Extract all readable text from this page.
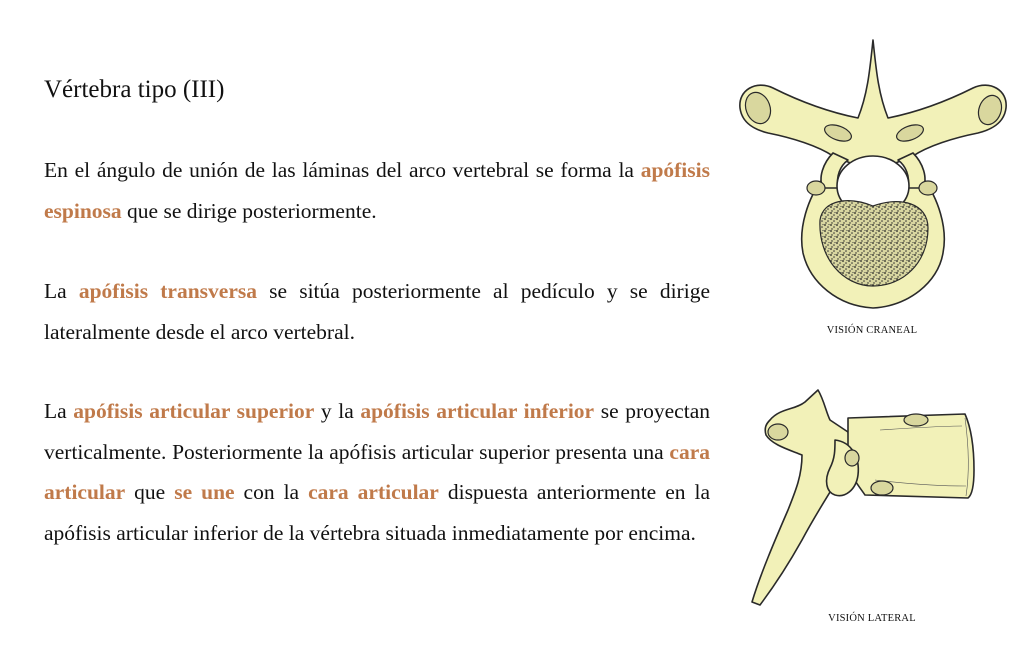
Vértebra tipo (III)

En el ángulo de unión de las láminas del arco vertebral se forma la apófisis espinosa que se dirige posteriormente.

La apófisis transversa se sitúa posteriormente al pedículo y se dirige lateralmente desde el arco vertebral.

La apófisis articular superior y la apófisis articular inferior se proyectan verticalmente. Posteriormente la apófisis articular superior presenta una cara articular que se une con la cara articular dispuesta anteriormente en la apófisis articular inferior de la vértebra situada inmediatamente por encima.

VISIÓN CRANEAL
VISIÓN LATERAL
